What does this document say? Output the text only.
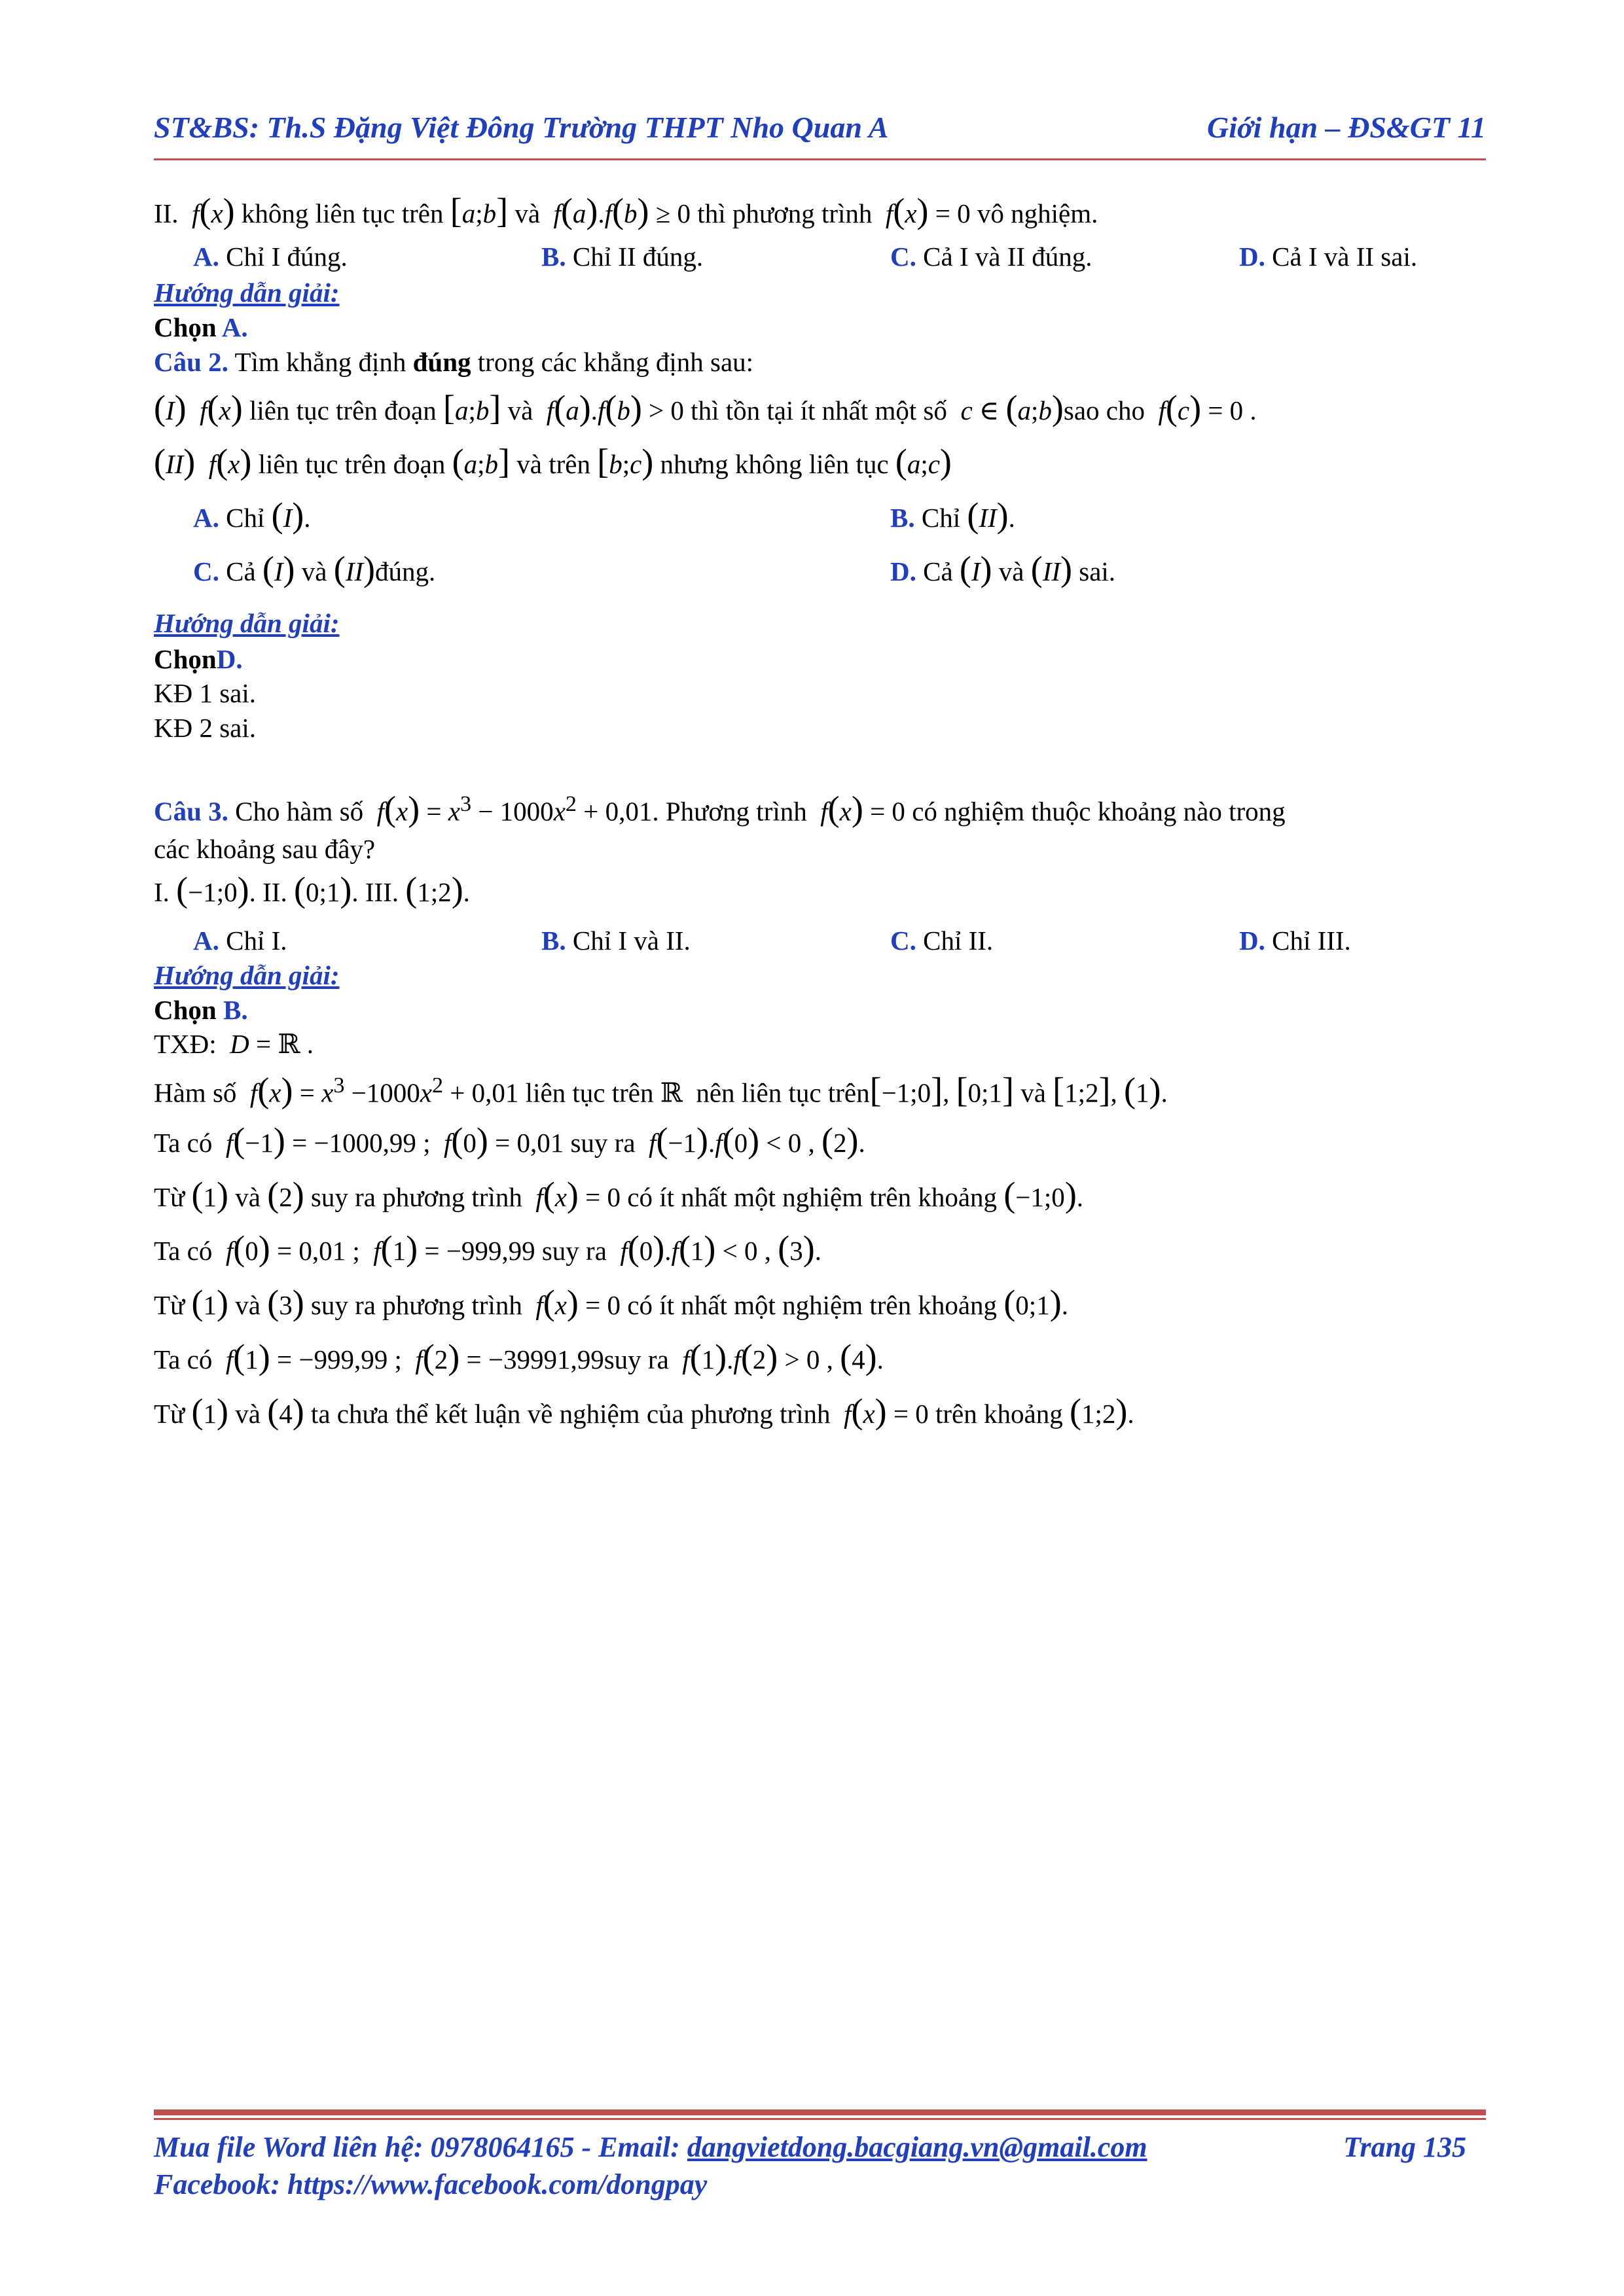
ST&BS: Th.S Đặng Việt Đông Trường THPT Nho Quan A	Giới hạn – ĐS&GT 11
II.  f(x) không liên tục trên [a;b] và  f(a).f(b) ≥ 0 thì phương trình  f(x) = 0 vô nghiệm.
A. Chỉ I đúng.	B. Chỉ II đúng.	C. Cả I và II đúng.	D. Cả I và II sai.
Hướng dẫn giải:
Chọn A.
Câu 2. Tìm khẳng định đúng trong các khẳng định sau:
(I)  f(x) liên tục trên đoạn [a;b] và  f(a).f(b) > 0 thì tồn tại ít nhất một số  c ∈ (a;b)sao cho  f(c) = 0 .
(II)  f(x) liên tục trên đoạn (a;b] và trên [b;c) nhưng không liên tục (a;c)
A. Chỉ (I).	B. Chỉ (II).
C. Cả (I) và (II)đúng.	D. Cả (I) và (II) sai.
Hướng dẫn giải:
ChọnD.
KĐ 1 sai.
KĐ 2 sai.
Câu 3. Cho hàm số  $f(x) = x^3 - 1000x^2 + 0,01$. Phương trình  f(x) = 0 có nghiệm thuộc khoảng nào trong
các khoảng sau đây?
I. (−1;0). II. (0;1). III. (1;2).
A. Chỉ I.	B. Chỉ I và II.	C. Chỉ II.	D. Chỉ III.
Hướng dẫn giải:
Chọn B.
TXĐ:  D = ℝ .
Hàm số  $f(x) = x^3 -1000x^2 + 0,01$ liên tục trên ℝ  nên liên tục trên[−1;0], [0;1] và [1;2], (1).
Ta có  f(−1) = −1000,99 ;  f(0) = 0,01 suy ra  f(−1).f(0) < 0 , (2).
Từ (1) và (2) suy ra phương trình  f(x) = 0 có ít nhất một nghiệm trên khoảng (−1;0).
Ta có  f(0) = 0,01 ;  f(1) = −999,99 suy ra  f(0).f(1) < 0 , (3).
Từ (1) và (3) suy ra phương trình  f(x) = 0 có ít nhất một nghiệm trên khoảng (0;1).
Ta có  f(1) = −999,99 ;  f(2) = −39991,99suy ra  f(1).f(2) > 0 , (4).
Từ (1) và (4) ta chưa thể kết luận về nghiệm của phương trình  f(x) = 0 trên khoảng (1;2).
Mua file Word liên hệ: 0978064165 - Email: dangvietdong.bacgiang.vn@gmail.com	Trang 135
Facebook: https://www.facebook.com/dongpay
